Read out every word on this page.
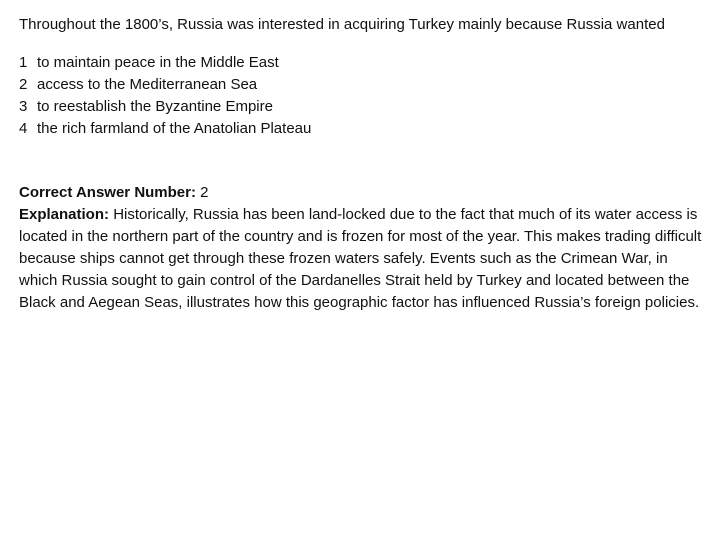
Throughout the 1800’s, Russia was interested in acquiring Turkey mainly because Russia wanted

1 to maintain peace in the Middle East
2 access to the Mediterranean Sea
3 to reestablish the Byzantine Empire
4 the rich farmland of the Anatolian Plateau

Correct Answer Number: 2

Explanation: Historically, Russia has been land-locked due to the fact that much of its water access is located in the northern part of the country and is frozen for most of the year. This makes trading difficult because ships cannot get through these frozen waters safely. Events such as the Crimean War, in which Russia sought to gain control of the Dardanelles Strait held by Turkey and located between the Black and Aegean Seas, illustrates how this geographic factor has influenced Russia’s foreign policies.
